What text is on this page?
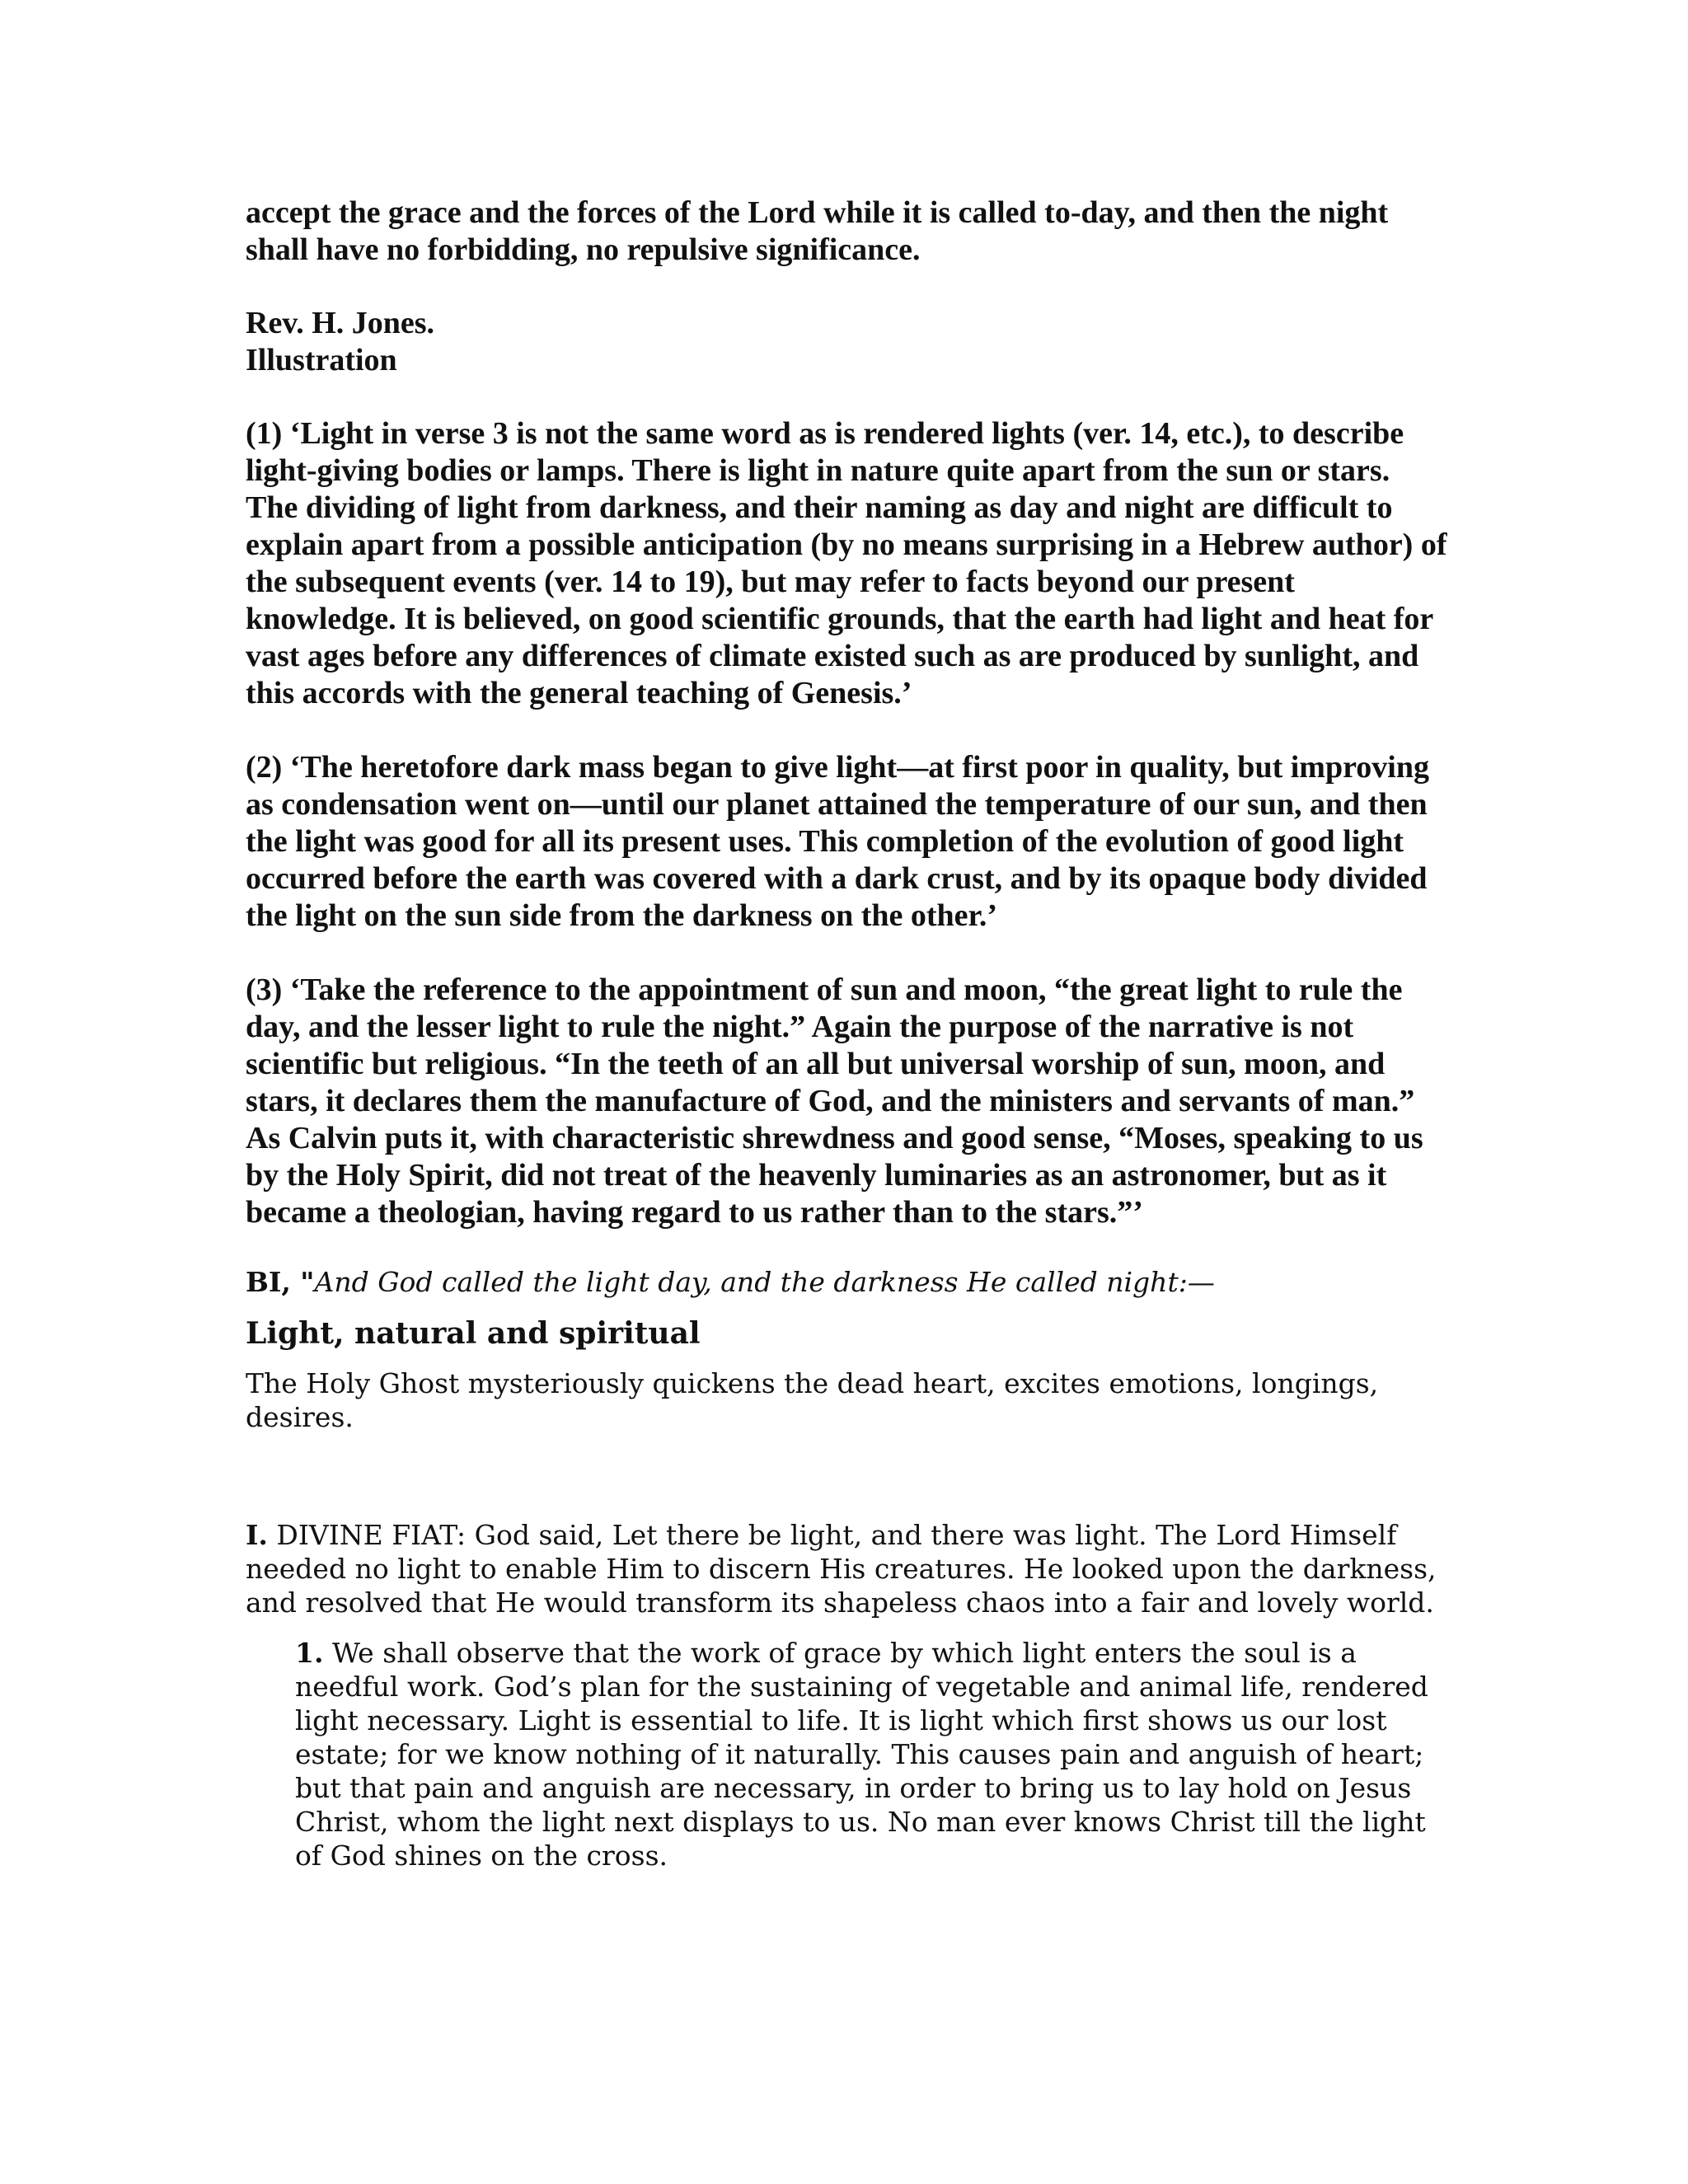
accept the grace and the forces of the Lord while it is called to-day, and then the night shall have no forbidding, no repulsive significance.

Rev. H. Jones.
Illustration

(1) ‘Light in verse 3 is not the same word as is rendered lights (ver. 14, etc.), to describe light-giving bodies or lamps. There is light in nature quite apart from the sun or stars. The dividing of light from darkness, and their naming as day and night are difficult to explain apart from a possible anticipation (by no means surprising in a Hebrew author) of the subsequent events (ver. 14 to 19), but may refer to facts beyond our present knowledge. It is believed, on good scientific grounds, that the earth had light and heat for vast ages before any differences of climate existed such as are produced by sunlight, and this accords with the general teaching of Genesis.’

(2) ‘The heretofore dark mass began to give light—at first poor in quality, but improving as condensation went on—until our planet attained the temperature of our sun, and then the light was good for all its present uses. This completion of the evolution of good light occurred before the earth was covered with a dark crust, and by its opaque body divided the light on the sun side from the darkness on the other.’

(3) ‘Take the reference to the appointment of sun and moon, “the great light to rule the day, and the lesser light to rule the night.” Again the purpose of the narrative is not scientific but religious. “In the teeth of an all but universal worship of sun, moon, and stars, it declares them the manufacture of God, and the ministers and servants of man.” As Calvin puts it, with characteristic shrewdness and good sense, “Moses, speaking to us by the Holy Spirit, did not treat of the heavenly luminaries as an astronomer, but as it became a theologian, having regard to us rather than to the stars.”’

BI, "And God called the light day, and the darkness He called night:—
Light, natural and spiritual

The Holy Ghost mysteriously quickens the dead heart, excites emotions, longings, desires.

I. DIVINE FIAT: God said, Let there be light, and there was light. The Lord Himself needed no light to enable Him to discern His creatures. He looked upon the darkness, and resolved that He would transform its shapeless chaos into a fair and lovely world.

1. We shall observe that the work of grace by which light enters the soul is a needful work. God’s plan for the sustaining of vegetable and animal life, rendered light necessary. Light is essential to life. It is light which first shows us our lost estate; for we know nothing of it naturally. This causes pain and anguish of heart; but that pain and anguish are necessary, in order to bring us to lay hold on Jesus Christ, whom the light next displays to us. No man ever knows Christ till the light of God shines on the cross.
